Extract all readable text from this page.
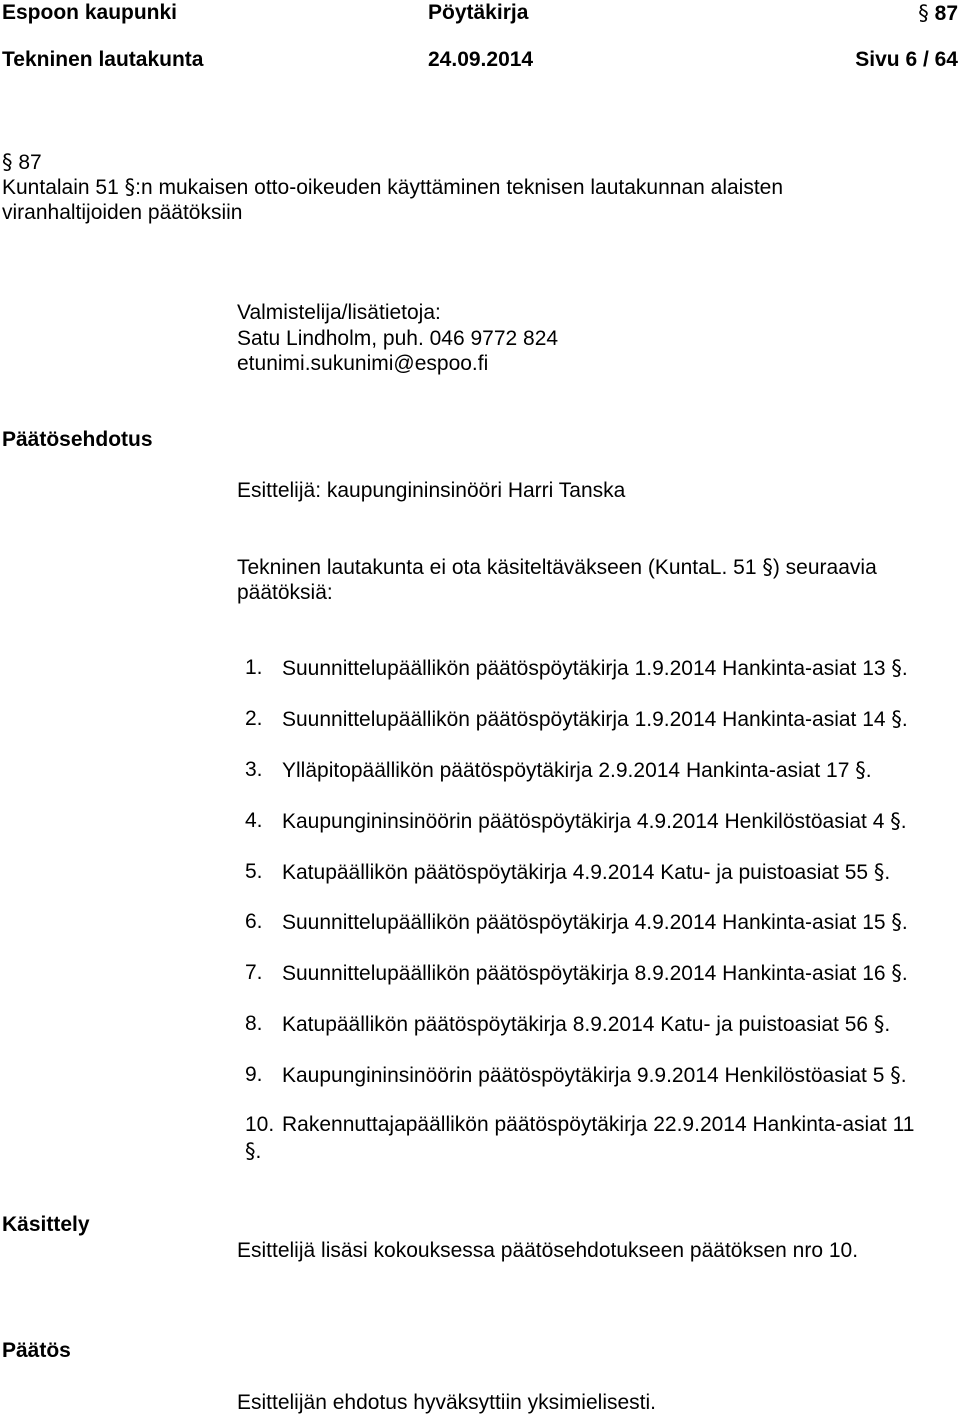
Espoon kaupunki	Pöytäkirja	§ 87
Tekninen lautakunta	24.09.2014	Sivu 6 / 64
§ 87
Kuntalain 51 §:n mukaisen otto-oikeuden käyttäminen teknisen lautakunnan alaisten
viranhaltijoiden päätöksiin
Valmistelija/lisätietoja:
Satu Lindholm, puh. 046 9772 824
etunimi.sukunimi@espoo.fi
Päätösehdotus
Esittelijä: kaupungininsinööri Harri Tanska
Tekninen lautakunta ei ota käsiteltäväkseen (KuntaL. 51 §) seuraavia
päätöksiä:
1. Suunnittelupäällikön päätöspöytäkirja 1.9.2014 Hankinta-asiat 13 §.
2. Suunnittelupäällikön päätöspöytäkirja 1.9.2014 Hankinta-asiat 14 §.
3. Ylläpitopäällikön päätöspöytäkirja 2.9.2014 Hankinta-asiat 17 §.
4. Kaupungininsinöörin päätöspöytäkirja 4.9.2014 Henkilöstöasiat 4 §.
5. Katupäällikön päätöspöytäkirja 4.9.2014 Katu- ja puistoasiat 55 §.
6. Suunnittelupäällikön päätöspöytäkirja 4.9.2014 Hankinta-asiat 15 §.
7. Suunnittelupäällikön päätöspöytäkirja 8.9.2014 Hankinta-asiat 16 §.
8. Katupäällikön päätöspöytäkirja 8.9.2014 Katu- ja puistoasiat 56 §.
9. Kaupungininsinöörin päätöspöytäkirja 9.9.2014 Henkilöstöasiat 5 §.
10. Rakennuttajapäällikön päätöspöytäkirja 22.9.2014 Hankinta-asiat 11
§.
Käsittely
Esittelijä lisäsi kokouksessa päätösehdotukseen päätöksen nro 10.
Päätös
Esittelijän ehdotus hyväksyttiin yksimielisesti.
